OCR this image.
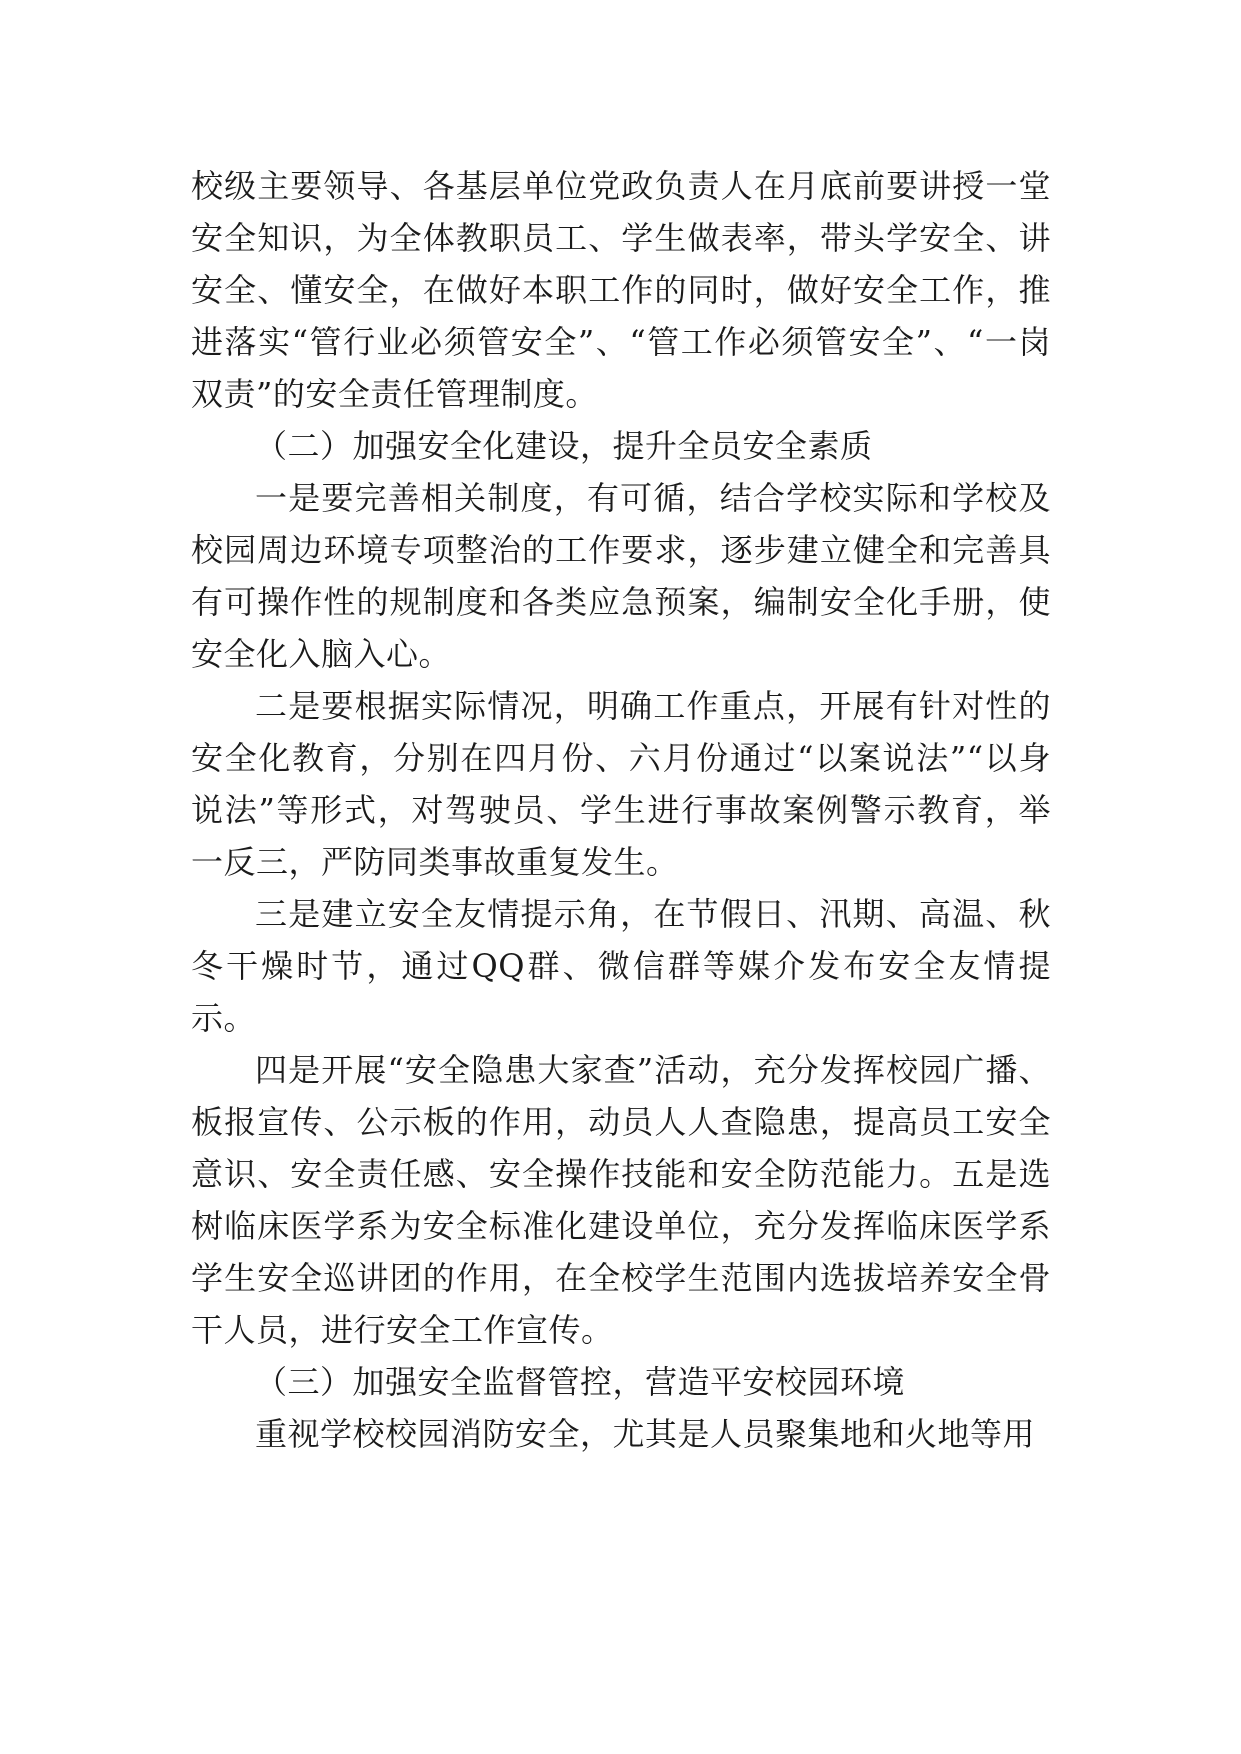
校级主要领导、各基层单位党政负责人在月底前要讲授一堂安全知识，为全体教职员工、学生做表率，带头学安全、讲安全、懂安全，在做好本职工作的同时，做好安全工作，推进落实“管行业必须管安全”、“管工作必须管安全”、“一岗双责”的安全责任管理制度。

（二）加强安全化建设，提升全员安全素质

一是要完善相关制度，有可循，结合学校实际和学校及校园周边环境专项整治的工作要求，逐步建立健全和完善具有可操作性的规制度和各类应急预案，编制安全化手册，使安全化入脑入心。

二是要根据实际情况，明确工作重点，开展有针对性的安全化教育，分别在四月份、六月份通过“以案说法”“以身说法”等形式，对驾驶员、学生进行事故案例警示教育，举一反三，严防同类事故重复发生。

三是建立安全友情提示角，在节假日、汛期、高温、秋冬干燥时节，通过QQ群、微信群等媒介发布安全友情提示。

四是开展“安全隐患大家查”活动，充分发挥校园广播、板报宣传、公示板的作用，动员人人查隐患，提高员工安全意识、安全责任感、安全操作技能和安全防范能力。五是选树临床医学系为安全标准化建设单位，充分发挥临床医学系学生安全巡讲团的作用，在全校学生范围内选拔培养安全骨干人员，进行安全工作宣传。

（三）加强安全监督管控，营造平安校园环境

重视学校校园消防安全，尤其是人员聚集地和火地等用
